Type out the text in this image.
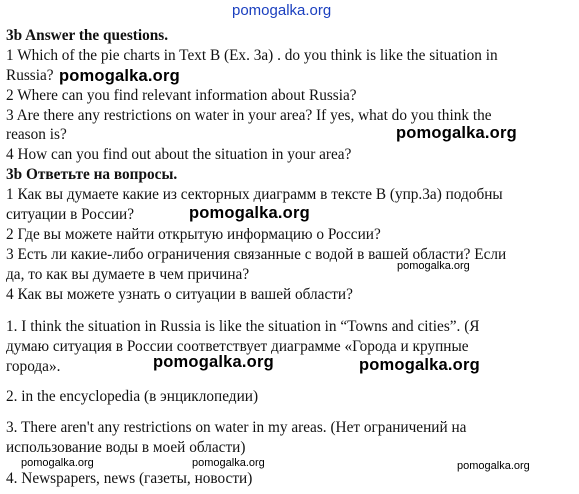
pomogalka.org
3b Answer the questions.
1 Which of the pie charts in Text B (Ex. 3a) . do you think is like the situation in
Russia? pomogalka.org
2 Where can you find relevant information about Russia?
3 Are there any restrictions on water in your area? If yes, what do you think the
reason is?	pomogalka.org
4 How can you find out about the situation in your area?
3b Ответьте на вопросы.
1 Как вы думаете какие из секторных диаграмм в тексте B (упр.3а) подобны
ситуации в России?	pomogalka.org
2 Где вы можете найти открытую информацию о России?
3 Есть ли какие-либо ограничения связанные с водой в вашей области? Если
pomogalka.org
да, то как вы думаете в чем причина?
4 Как вы можете узнать о ситуации в вашей области?
1. I think the situation in Russia is like the situation in “Towns and cities”. (Я
думаю ситуация в России соответствует диаграмме «Города и крупные
города».	pomogalka.org	pomogalka.org
2. in the encyclopedia (в энциклопедии)
3. There aren't any restrictions on water in my areas. (Нет ограничений на
использование воды в моей области)
pomogalka.org	pomogalka.org	pomogalka.org
4. Newspapers, news (газеты, новости)
